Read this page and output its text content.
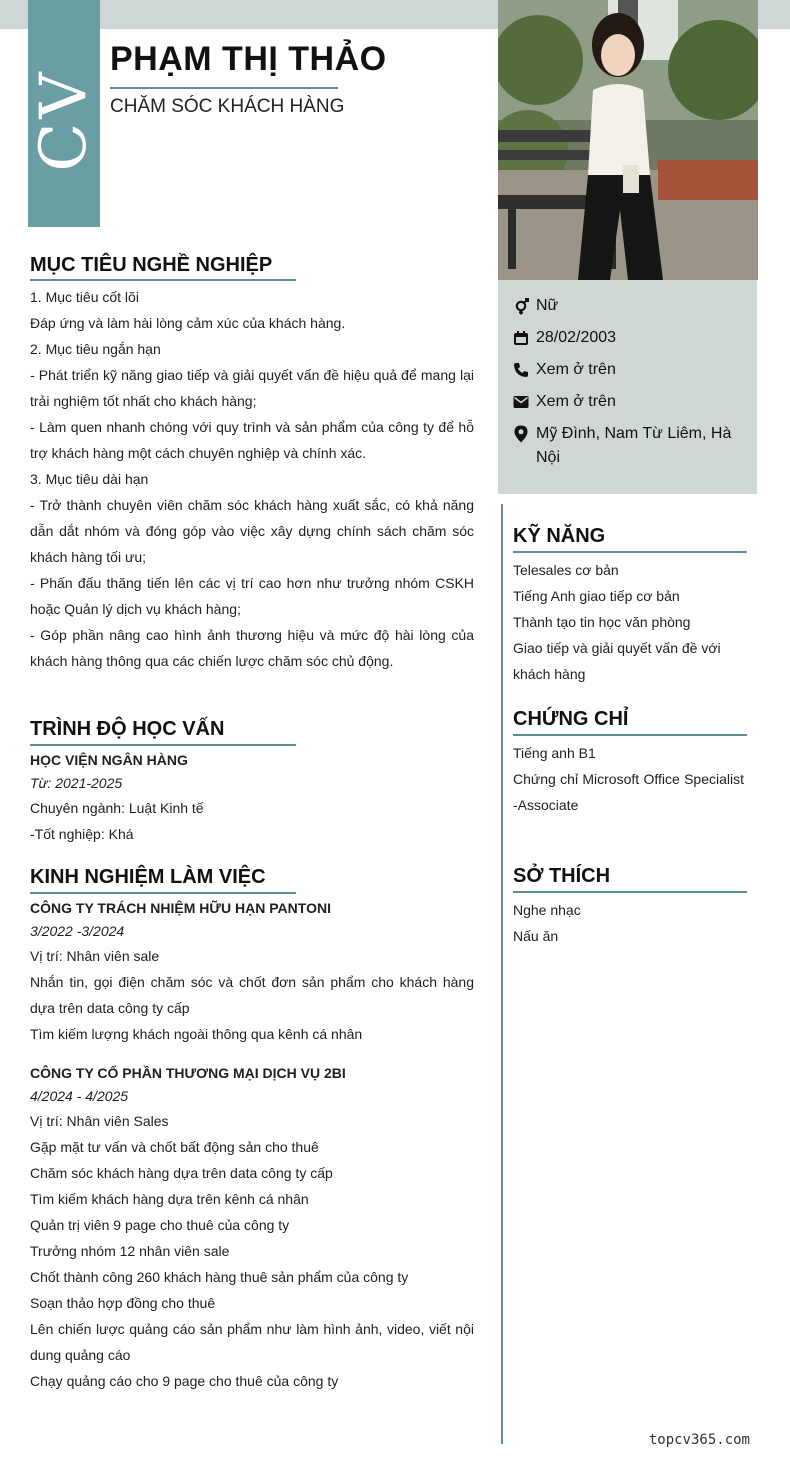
CV
PHẠM THỊ THẢO
CHĂM SÓC KHÁCH HÀNG
Nữ
28/02/2003
Xem ở trên
Xem ở trên
Mỹ Đình, Nam Từ Liêm, Hà Nội
MỤC TIÊU NGHỀ NGHIỆP

1. Mục tiêu cốt lõi

Đáp ứng và làm hài lòng cảm xúc của khách hàng.

2. Mục tiêu ngắn hạn

- Phát triển kỹ năng giao tiếp và giải quyết vấn đề hiệu quả để mang lại trải nghiệm tốt nhất cho khách hàng;

- Làm quen nhanh chóng với quy trình và sản phẩm của công ty để hỗ trợ khách hàng một cách chuyên nghiệp và chính xác.

3. Mục tiêu dài hạn

- Trở thành chuyên viên chăm sóc khách hàng xuất sắc, có khả năng dẫn dắt nhóm và đóng góp vào việc xây dựng chính sách chăm sóc khách hàng tối ưu;

- Phấn đấu thăng tiến lên các vị trí cao hơn như trưởng nhóm CSKH hoặc Quản lý dịch vụ khách hàng;

- Góp phần nâng cao hình ảnh thương hiệu và mức độ hài lòng của khách hàng thông qua các chiến lược chăm sóc chủ động.

TRÌNH ĐỘ HỌC VẤN

HỌC VIỆN NGÂN HÀNG

Từ: 2021-2025

Chuyên ngành: Luật Kinh tế

-Tốt nghiệp: Khá

KINH NGHIỆM LÀM VIỆC

CÔNG TY TRÁCH NHIỆM HỮU HẠN PANTONI

3/2022 -3/2024

Vị trí: Nhân viên sale

Nhắn tin, gọi điện chăm sóc và chốt đơn sản phẩm cho khách hàng dựa trên data công ty cấp

Tìm kiếm lượng khách ngoài thông qua kênh cá nhân

CÔNG TY CỔ PHẦN THƯƠNG MẠI DỊCH VỤ 2BI

4/2024 - 4/2025

Vị trí: Nhân viên Sales

Gặp mặt tư vấn và chốt bất động sản cho thuê

Chăm sóc khách hàng dựa trên data công ty cấp

Tìm kiếm khách hàng dựa trên kênh cá nhân

Quản trị viên 9 page cho thuê của công ty

Trưởng nhóm 12 nhân viên sale

Chốt thành công 260 khách hàng thuê sản phẩm của công ty

Soạn thảo hợp đồng cho thuê

Lên chiến lược quảng cáo sản phẩm như làm hình ảnh, video, viết nội dung quảng cáo

Chạy quảng cáo cho 9 page cho thuê của công ty

KỸ NĂNG

Telesales cơ bản

Tiếng Anh giao tiếp cơ bản

Thành tạo tin học văn phòng

Giao tiếp và giải quyết vấn đề với khách hàng

CHỨNG CHỈ

Tiếng anh B1

Chứng chỉ Microsoft Office Specialist -Associate

SỞ THÍCH

Nghe nhạc

Nấu ăn

topcv365.com
